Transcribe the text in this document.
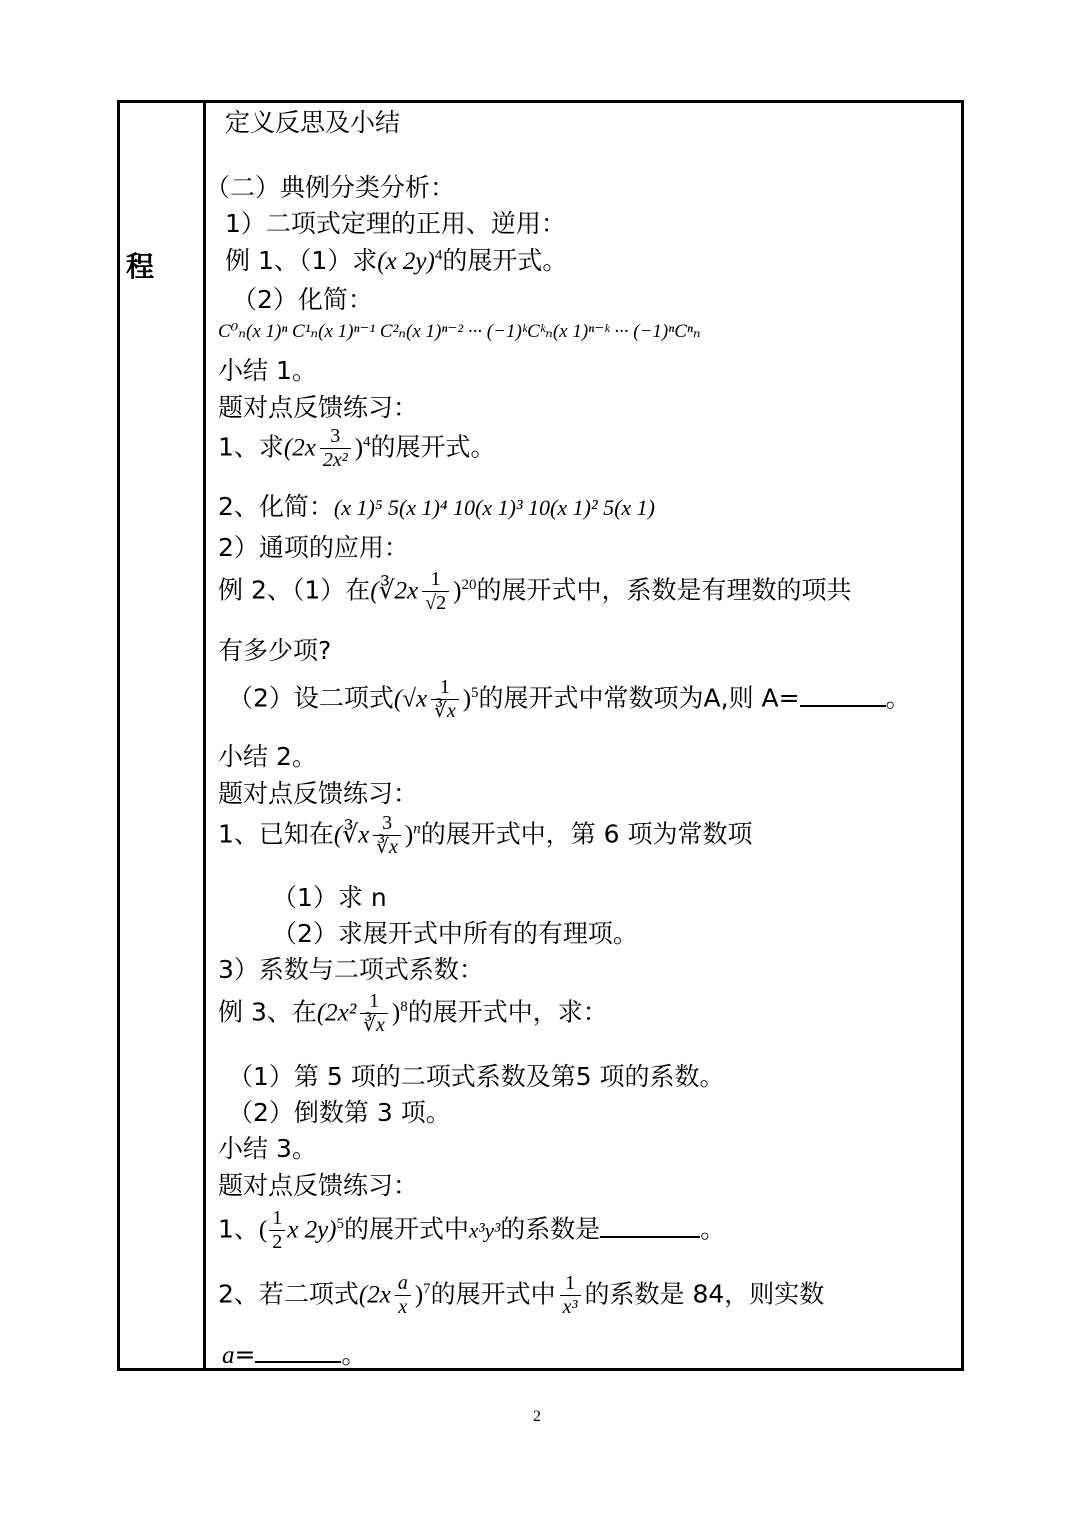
程
定义反思及小结
（二）典例分类分析：
1）二项式定理的正用、逆用：
例 1、（1）求(x 2y)$^4$的展开式。
（2）化简：
C⁰ₙ(x 1)ⁿ C¹ₙ(x 1)ⁿ⁻¹ C²ₙ(x 1)ⁿ⁻² ··· (−1)ᵏCᵏₙ(x 1)ⁿ⁻ᵏ ··· (−1)ⁿCⁿₙ
小结 1。
题对点反馈练习：
1、求$(2x \frac{3}{\text{2x²}} )^4$的展开式。
2、化简：(x 1)⁵ 5(x 1)⁴ 10(x 1)³ 10(x 1)² 5(x 1)
2）通项的应用：
例 2、（1）在(∛2x $\frac{1}{√2} )^{20}$的展开式中，系数是有理数的项共
有多少项?
（2）设二项式$(√x \frac{1}{∛x} )^5$的展开式中常数项为A,则 A=	。
小结 2。
题对点反馈练习：
1、已知在(∛x $\frac{3}{∛x} )^n$的展开式中，第 6 项为常数项
（1）求 n
（2）求展开式中所有的有理项。
3）系数与二项式系数：
例 3、在$(2x^2 \frac{1}{∛x} )^8$的展开式中，求：
（1）第 5 项的二项式系数及第5 项的系数。
（2）倒数第 3 项。
小结 3。
题对点反馈练习：
1、( $\frac{1}{2}$ x 2y)$^5$的展开式中x³y³的系数是	。
2、若二项式$(2x \frac{a}{x} )^7$的展开式中 $\frac{1}{\text{x³}}$ 的系数是 84，则实数
a=	。
2
